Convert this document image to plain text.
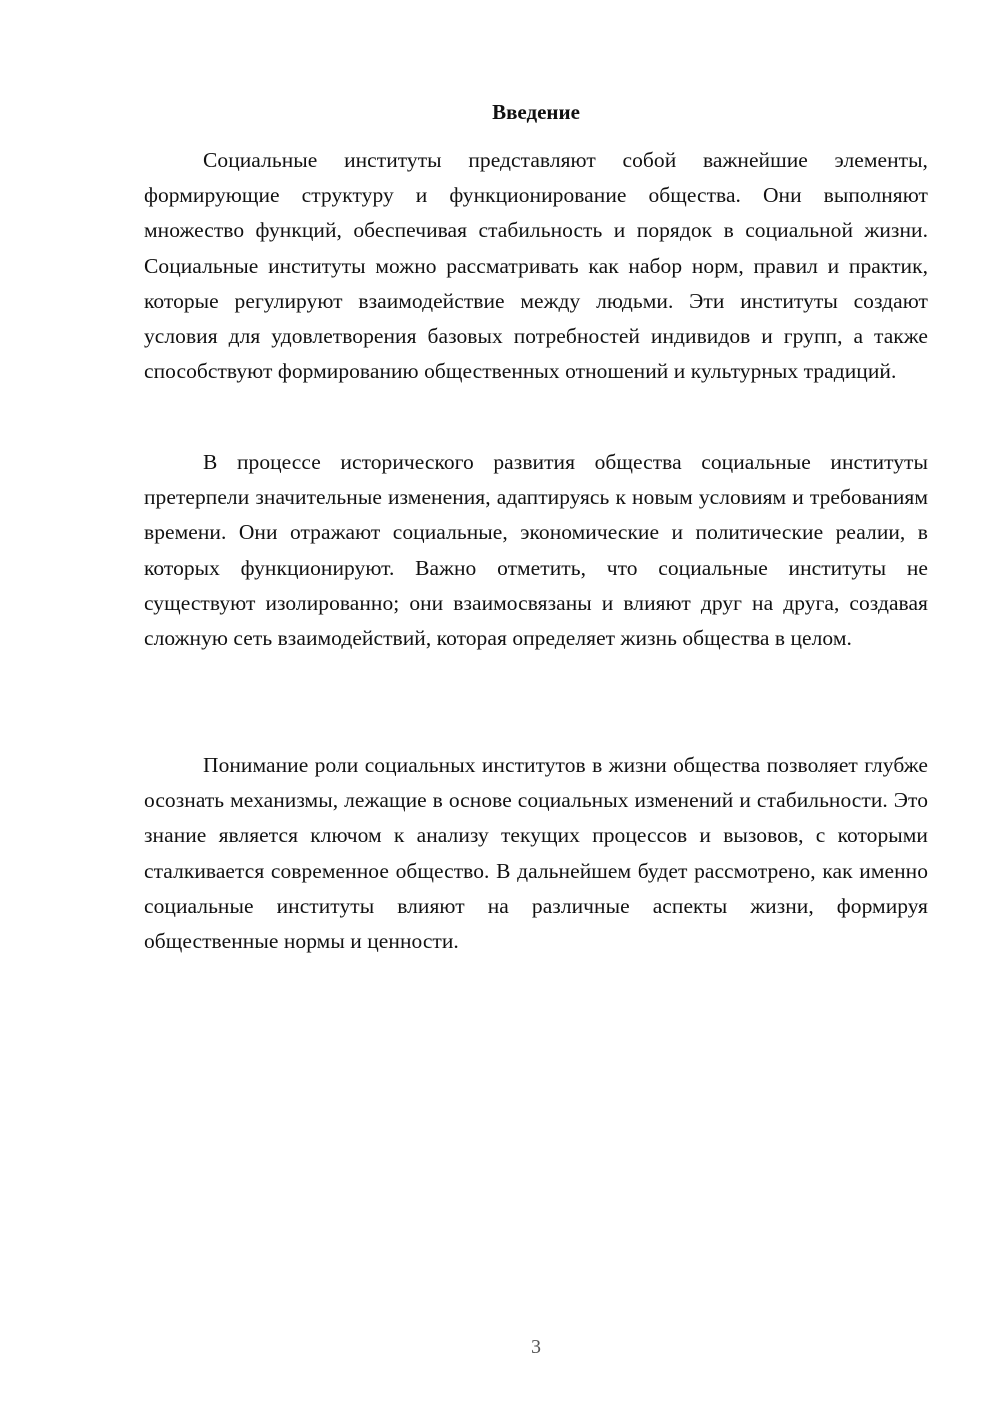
Введение

Социальные институты представляют собой важнейшие элементы, формирующие структуру и функционирование общества. Они выполняют множество функций, обеспечивая стабильность и порядок в социальной жизни. Социальные институты можно рассматривать как набор норм, правил и практик, которые регулируют взаимодействие между людьми. Эти институты создают условия для удовлетворения базовых потребностей индивидов и групп, а также способствуют формированию общественных отношений и культурных традиций.

В процессе исторического развития общества социальные институты претерпели значительные изменения, адаптируясь к новым условиям и требованиям времени. Они отражают социальные, экономические и политические реалии, в которых функционируют. Важно отметить, что социальные институты не существуют изолированно; они взаимосвязаны и влияют друг на друга, создавая сложную сеть взаимодействий, которая определяет жизнь общества в целом.

Понимание роли социальных институтов в жизни общества позволяет глубже осознать механизмы, лежащие в основе социальных изменений и стабильности. Это знание является ключом к анализу текущих процессов и вызовов, с которыми сталкивается современное общество. В дальнейшем будет рассмотрено, как именно социальные институты влияют на различные аспекты жизни, формируя общественные нормы и ценности.

3
